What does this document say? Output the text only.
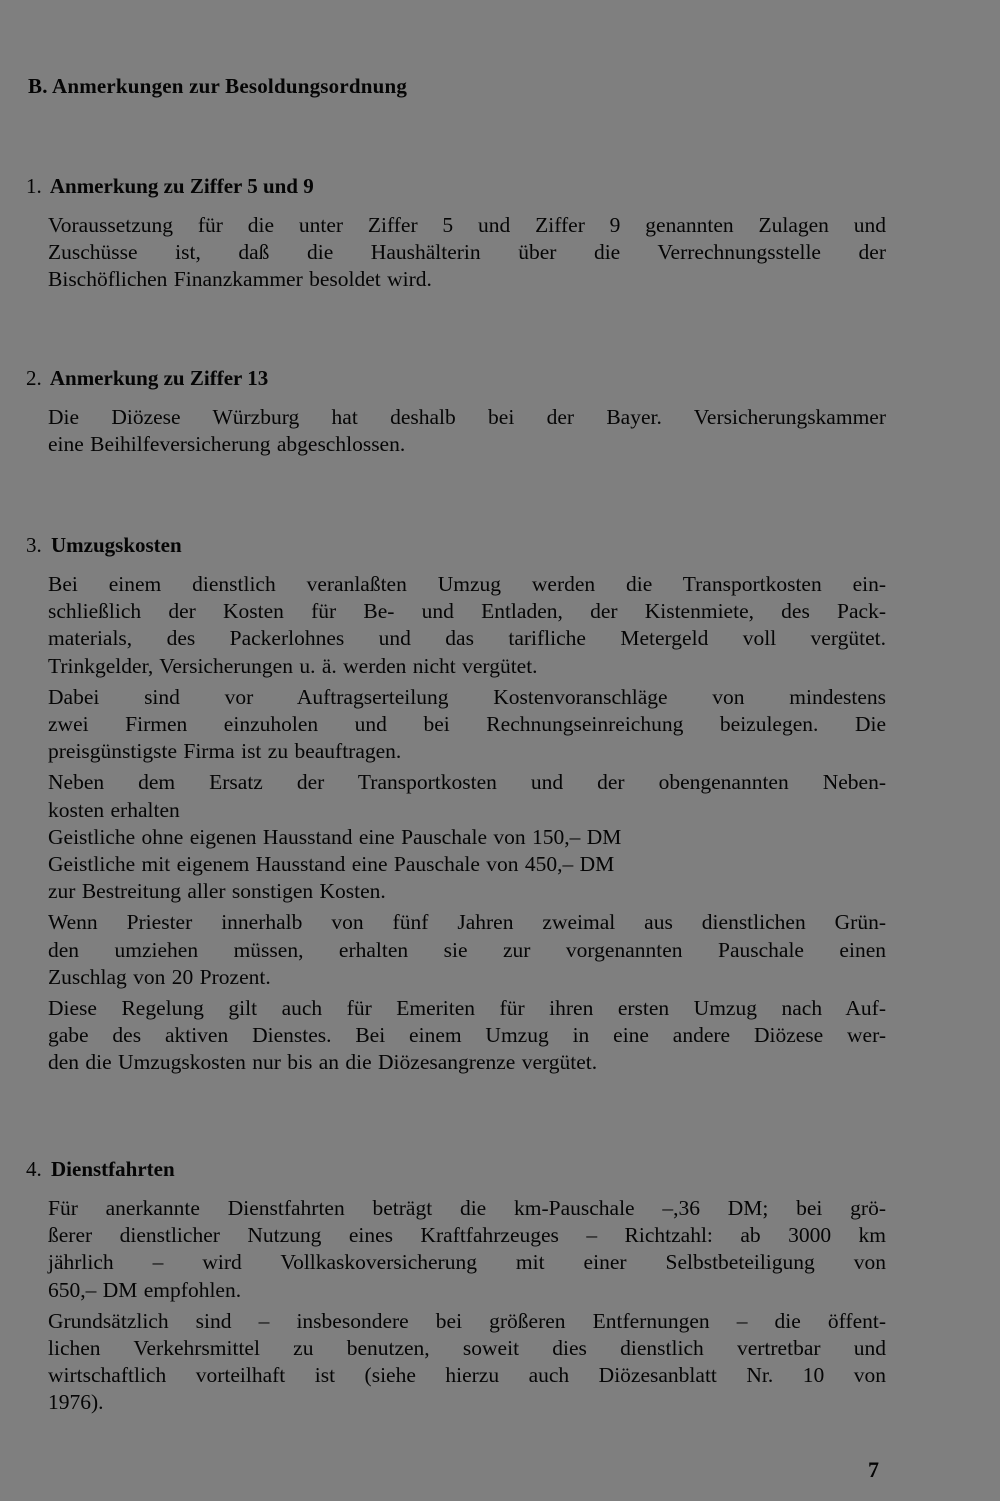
B. Anmerkungen zur Besoldungsordnung
1. Anmerkung zu Ziffer 5 und 9

Voraussetzung für die unter Ziffer 5 und Ziffer 9 genannten Zulagen und
Zuschüsse ist, daß die Haushälterin über die Verrechnungsstelle der
Bischöflichen Finanzkammer besoldet wird.

2. Anmerkung zu Ziffer 13

Die Diözese Würzburg hat deshalb bei der Bayer. Versicherungskammer
eine Beihilfeversicherung abgeschlossen.

3. Umzugskosten

Bei einem dienstlich veranlaßten Umzug werden die Transportkosten ein-
schließlich der Kosten für Be- und Entladen, der Kistenmiete, des Pack-
materials, des Packerlohnes und das tarifliche Metergeld voll vergütet.
Trinkgelder, Versicherungen u. ä. werden nicht vergütet.

Dabei sind vor Auftragserteilung Kostenvoranschläge von mindestens
zwei Firmen einzuholen und bei Rechnungseinreichung beizulegen. Die
preisgünstigste Firma ist zu beauftragen.

Neben dem Ersatz der Transportkosten und der obengenannten Neben-
kosten erhalten
Geistliche ohne eigenen Hausstand eine Pauschale von 150,– DM
Geistliche mit eigenem Hausstand eine Pauschale von 450,– DM
zur Bestreitung aller sonstigen Kosten.

Wenn Priester innerhalb von fünf Jahren zweimal aus dienstlichen Grün-
den umziehen müssen, erhalten sie zur vorgenannten Pauschale einen
Zuschlag von 20 Prozent.

Diese Regelung gilt auch für Emeriten für ihren ersten Umzug nach Auf-
gabe des aktiven Dienstes. Bei einem Umzug in eine andere Diözese wer-
den die Umzugskosten nur bis an die Diözesangrenze vergütet.

4. Dienstfahrten

Für anerkannte Dienstfahrten beträgt die km-Pauschale –,36 DM; bei grö-
ßerer dienstlicher Nutzung eines Kraftfahrzeuges – Richtzahl: ab 3000 km
jährlich – wird Vollkaskoversicherung mit einer Selbstbeteiligung von
650,– DM empfohlen.

Grundsätzlich sind – insbesondere bei größeren Entfernungen – die öffent-
lichen Verkehrsmittel zu benutzen, soweit dies dienstlich vertretbar und
wirtschaftlich vorteilhaft ist (siehe hierzu auch Diözesanblatt Nr. 10 von
1976).

7
